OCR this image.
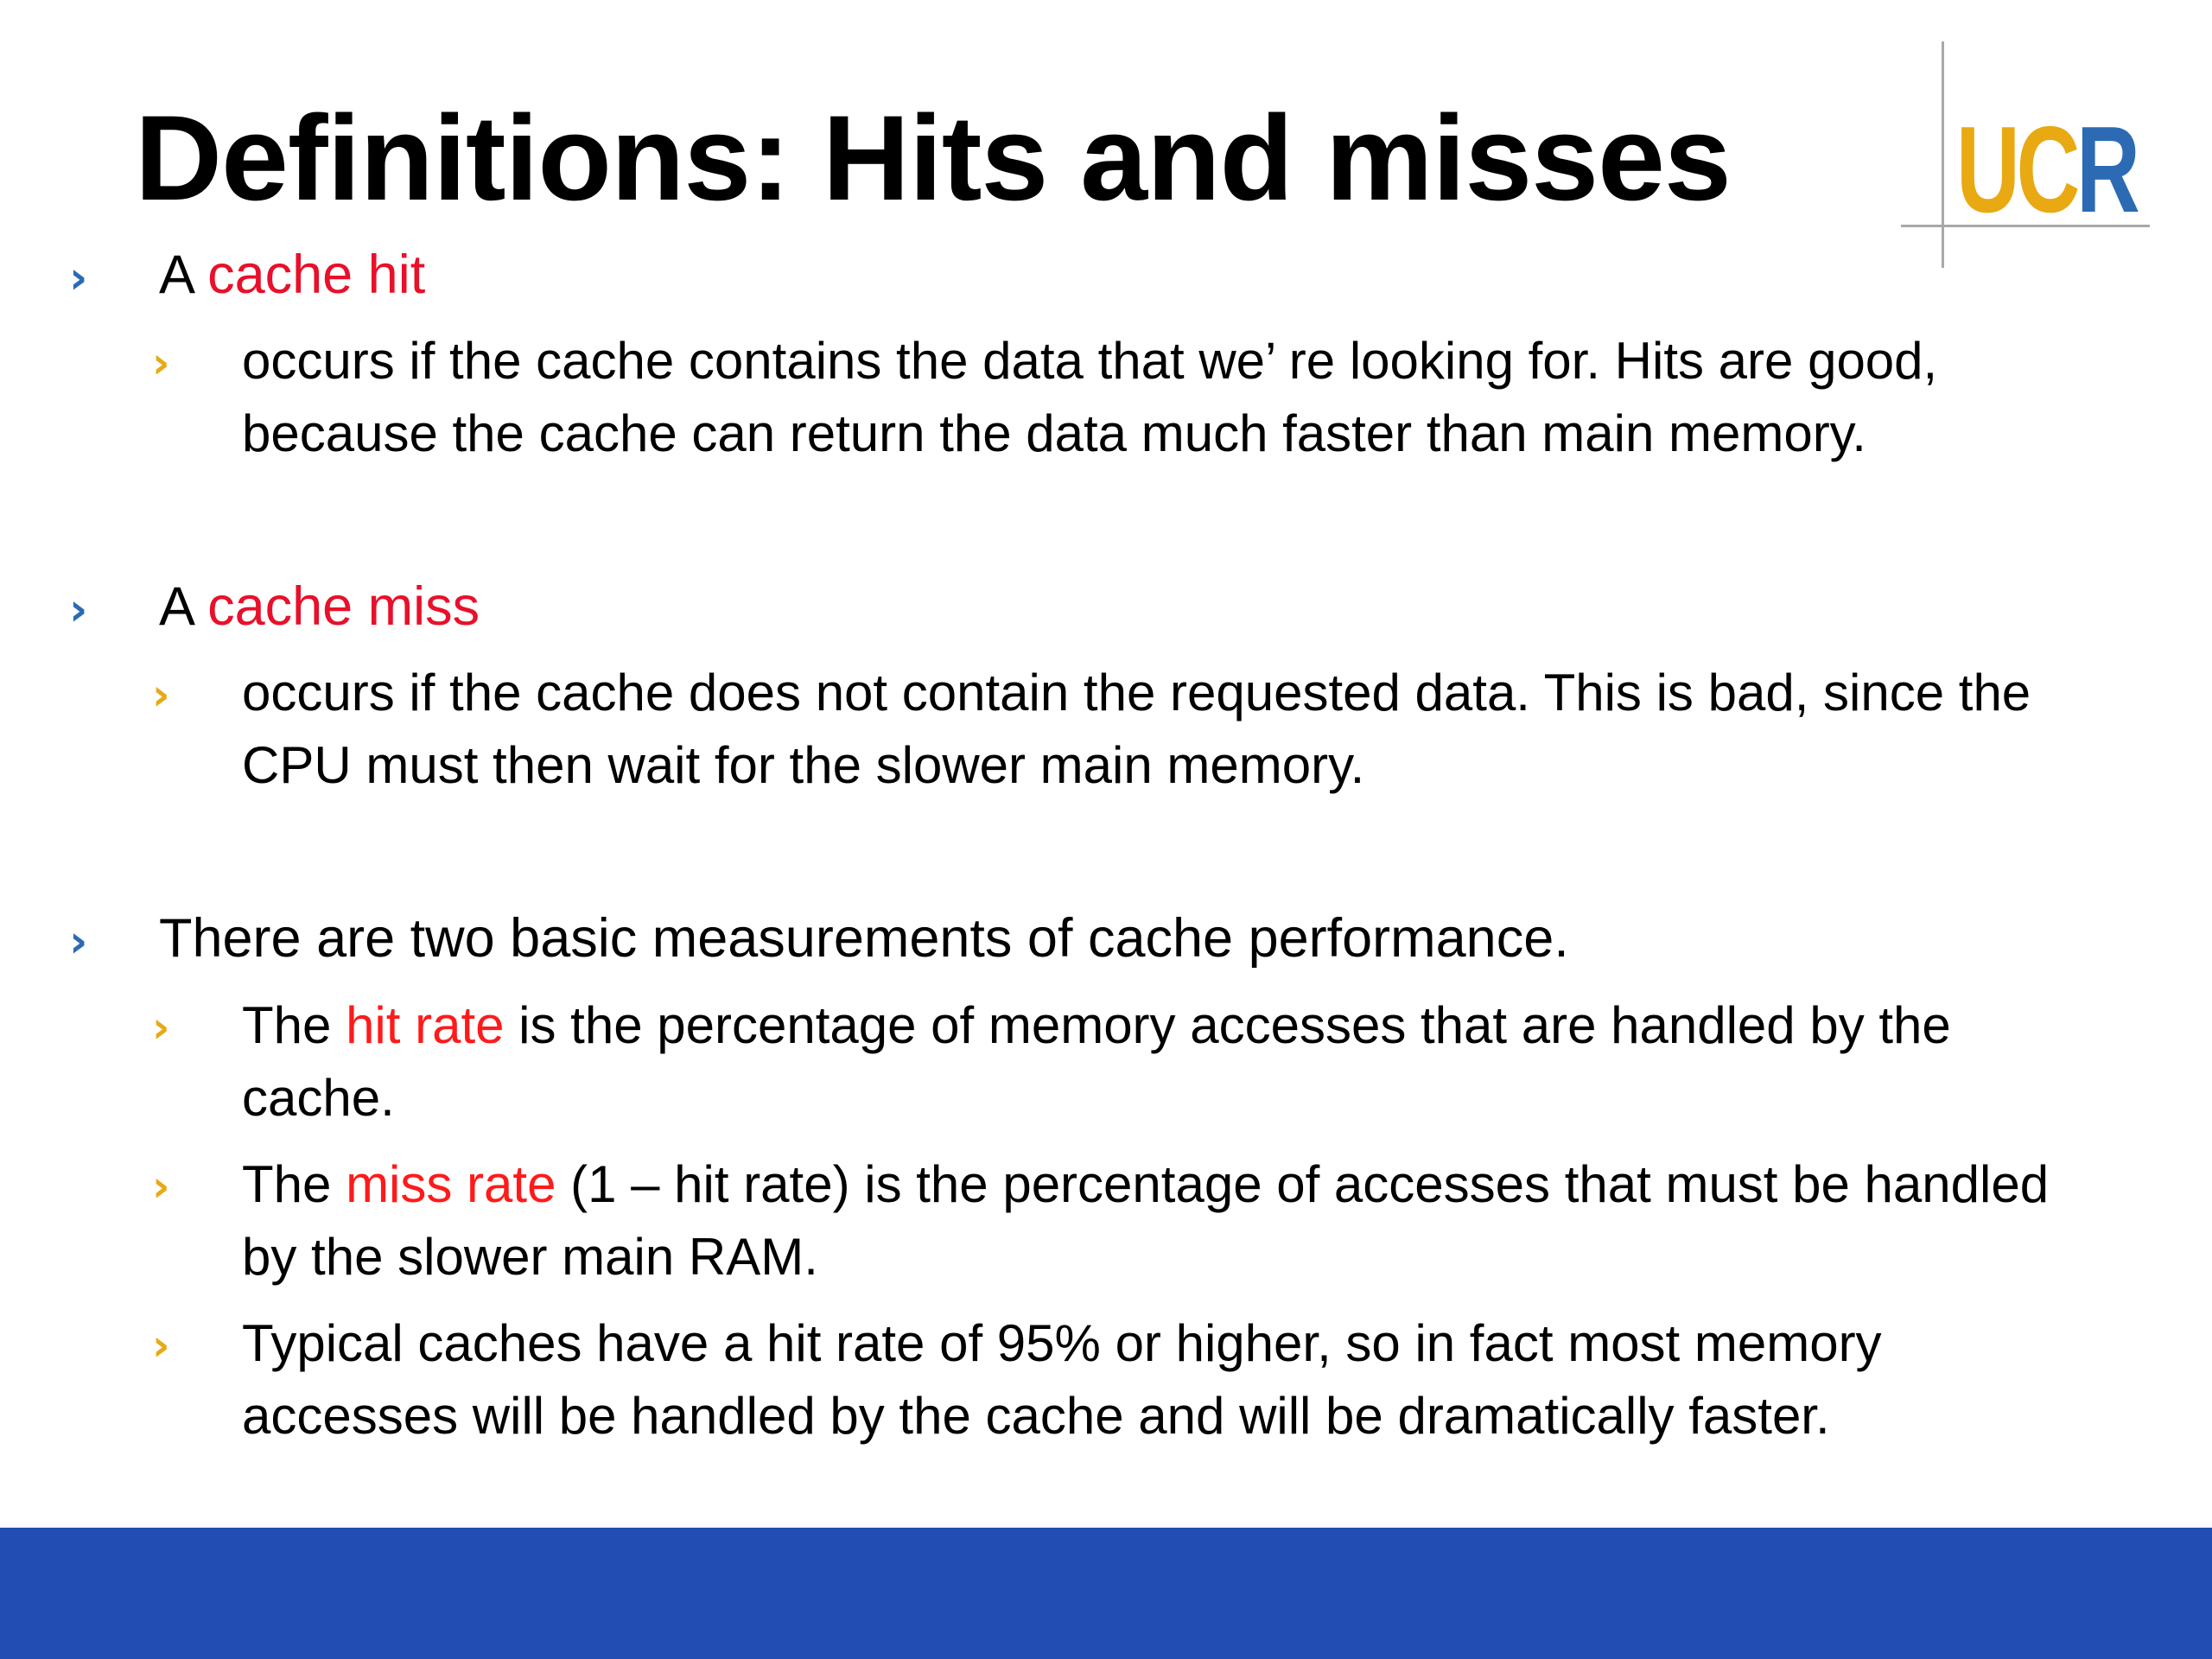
Definitions: Hits and misses UCR

› A cache hit

› occurs if the cache contains the data that we’ re looking for. Hits are good, because the cache can return the data much faster than main memory.

› A cache miss

› occurs if the cache does not contain the requested data. This is bad, since the CPU must then wait for the slower main memory.

› There are two basic measurements of cache performance.

› The hit rate is the percentage of memory accesses that are handled by the cache.

› The miss rate (1 – hit rate) is the percentage of accesses that must be handled by the slower main RAM.

› Typical caches have a hit rate of 95% or higher, so in fact most memory accesses will be handled by the cache and will be dramatically faster.
